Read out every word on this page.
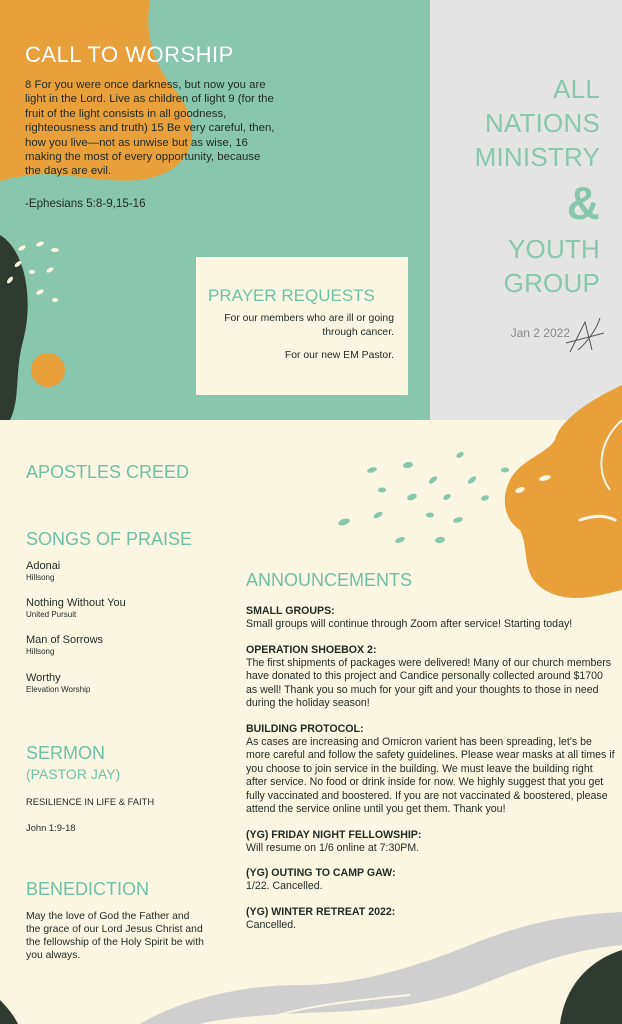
CALL TO WORSHIP

8 For you were once darkness, but now you are light in the Lord. Live as children of light 9 (for the fruit of the light consists in all goodness, righteousness and truth) 15 Be very careful, then, how you live—not as unwise but as wise, 16 making the most of every opportunity, because the days are evil.

-Ephesians 5:8-9,15-16
ALL
NATIONS
MINISTRY
&
YOUTH
GROUP
Jan 2 2022
PRAYER REQUESTS
For our members who are ill or going through cancer.
For our new EM Pastor.
APOSTLES CREED
SONGS OF PRAISE
Adonai
Hillsong
Nothing Without You
United Pursuit
Man of Sorrows
Hillsong
Worthy
Elevation Worship
SERMON
(PASTOR JAY)
RESILIENCE IN LIFE & FAITH
John 1:9-18
BENEDICTION
May the love of God the Father and the grace of our Lord Jesus Christ and the fellowship of the Holy Spirit be with you always.
ANNOUNCEMENTS
SMALL GROUPS:
Small groups will continue through Zoom after service! Starting today!
OPERATION SHOEBOX 2:
The first shipments of packages were delivered! Many of our church members have donated to this project and Candice personally collected around $1700 as well! Thank you so much for your gift and your thoughts to those in need during the holiday season!
BUILDING PROTOCOL:
As cases are increasing and Omicron varient has been spreading, let's be more careful and follow the safety guidelines. Please wear masks at all times if you choose to join service in the building. We must leave the building right after service. No food or drink inside for now. We highly suggest that you get fully vaccinated and boostered. If you are not vaccinated & boostered, please attend the service online until you get them. Thank you!
(YG) FRIDAY NIGHT FELLOWSHIP:
Will resume on 1/6 online at 7:30PM.
(YG) OUTING TO CAMP GAW:
1/22. Cancelled.
(YG) WINTER RETREAT 2022:
Cancelled.
